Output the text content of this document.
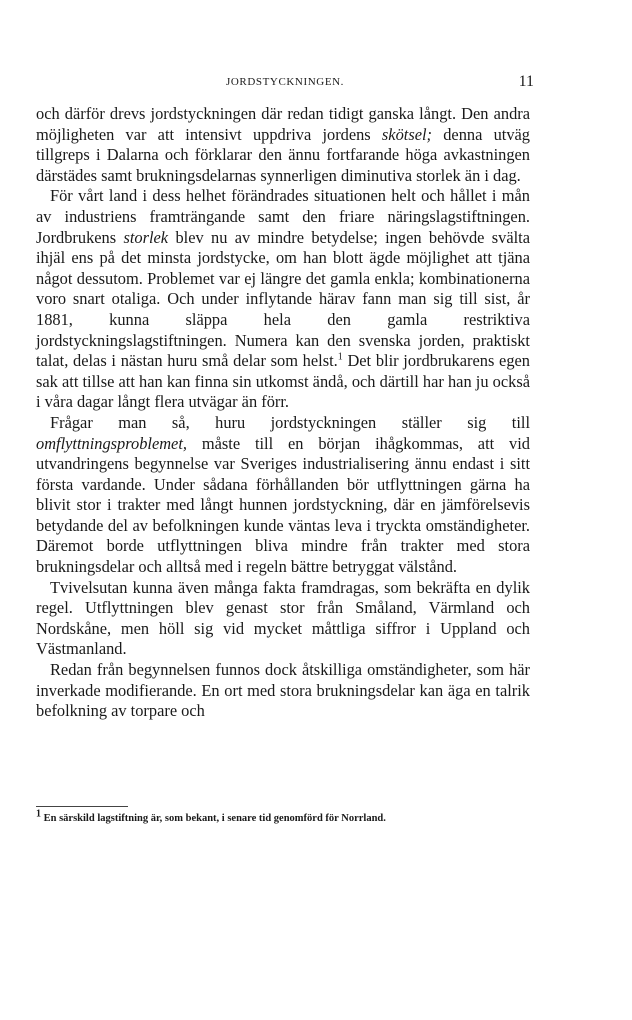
JORDSTYCKNINGEN.	11

och därför drevs jordstyckningen där redan tidigt ganska långt. Den andra möjligheten var att intensivt uppdriva jordens skötsel; denna utväg tillgreps i Dalarna och förklarar den ännu fortfarande höga avkastningen därstädes samt brukningsdelarnas synnerligen diminutiva storlek än i dag.

För vårt land i dess helhet förändrades situationen helt och hållet i mån av industriens framträngande samt den friare näringslagstiftningen. Jordbrukens storlek blev nu av mindre betydelse; ingen behövde svälta ihjäl ens på det minsta jordstycke, om han blott ägde möjlighet att tjäna något dessutom. Problemet var ej längre det gamla enkla; kombinationerna voro snart otaliga. Och under inflytande härav fann man sig till sist, år 1881, kunna släppa hela den gamla restriktiva jordstyckningslagstiftningen. Numera kan den svenska jorden, praktiskt talat, delas i nästan huru små delar som helst.$^1$ Det blir jordbrukarens egen sak att tillse att han kan finna sin utkomst ändå, och därtill har han ju också i våra dagar långt flera utvägar än förr.

Frågar man så, huru jordstyckningen ställer sig till omflyttningsproblemet, måste till en början ihågkommas, att vid utvandringens begynnelse var Sveriges industrialisering ännu endast i sitt första vardande. Under sådana förhållanden bör utflyttningen gärna ha blivit stor i trakter med långt hunnen jordstyckning, där en jämförelsevis betydande del av befolkningen kunde väntas leva i tryckta omständigheter. Däremot borde utflyttningen bliva mindre från trakter med stora brukningsdelar och alltså med i regeln bättre betryggat välstånd.

Tvivelsutan kunna även många fakta framdragas, som bekräfta en dylik regel. Utflyttningen blev genast stor från Småland, Värmland och Nordskåne, men höll sig vid mycket måttliga siffror i Uppland och Västmanland.

Redan från begynnelsen funnos dock åtskilliga omständigheter, som här inverkade modifierande. En ort med stora brukningsdelar kan äga en talrik befolkning av torpare och

$^1$ En särskild lagstiftning är, som bekant, i senare tid genomförd för Norrland.
